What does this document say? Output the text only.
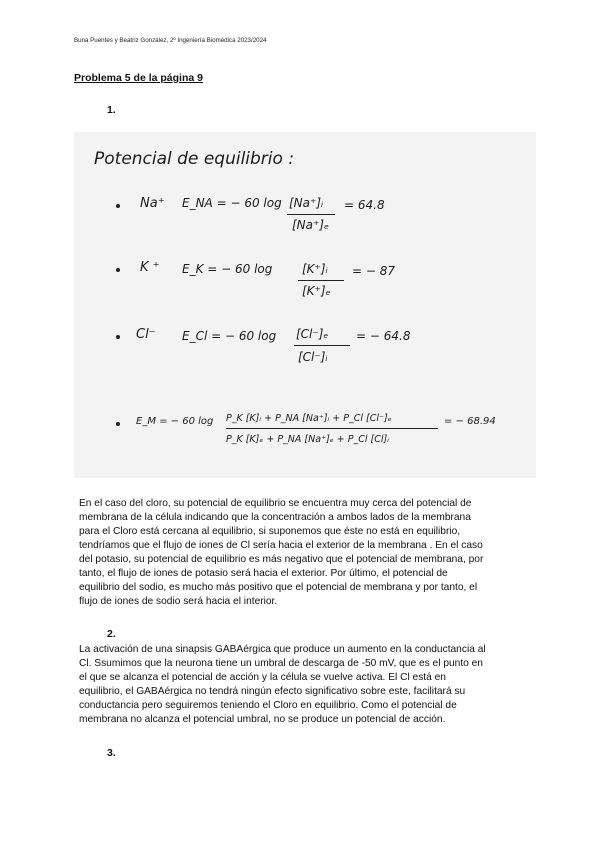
Buna Puentes y Beatriz González, 2º Ingeniería Biomédica 2023/2024
Problema 5 de la página 9
1.
Potencial de equilibrio :
Na⁺ E_NA = − 60 log [Na⁺]ᵢ
[Na⁺]ₑ
= 64.8
K ⁺ E_K = − 60 log [K⁺]ᵢ
[K⁺]ₑ
= − 87
Cl⁻ E_Cl = − 60 log [Cl⁻]ₑ
[Cl⁻]ᵢ
= − 64.8
E_M = − 60 log P_K [K]ᵢ + P_NA [Na⁺]ᵢ + P_Cl [Cl⁻]ₑ
P_K [K]ₑ + P_NA [Na⁺]ₑ + P_Cl [Cl]ᵢ
= − 68.94
En el caso del cloro, su potencial de equilibrio se encuentra muy cerca del potencial de
membrana de la célula indicando que la concentración a ambos lados de la membrana
para el Cloro está cercana al equilibrio, si suponemos que éste no está en equilibrio,
tendríamos que el flujo de iones de Cl sería hacia el exterior de la membrana . En el caso
del potasio, su potencial de equilibrio es más negativo que el potencial de membrana, por
tanto, el flujo de iones de potasio será hacia el exterior. Por último, el potencial de
equilibrio del sodio, es mucho más positivo que el potencial de membrana y por tanto, el
flujo de iones de sodio será hacia el interior.
2.
La activación de una sinapsis GABAérgica que produce un aumento en la conductancia al
Cl. Ssumimos que la neurona tiene un umbral de descarga de -50 mV, que es el punto en
el que se alcanza el potencial de acción y la célula se vuelve activa. El Cl está en
equilibrio, el GABAérgica no tendrá ningún efecto significativo sobre este, facilitará su
conductancia pero seguiremos teniendo el Cloro en equilibrio. Como el potencial de
membrana no alcanza el potencial umbral, no se produce un potencial de acción.
3.
